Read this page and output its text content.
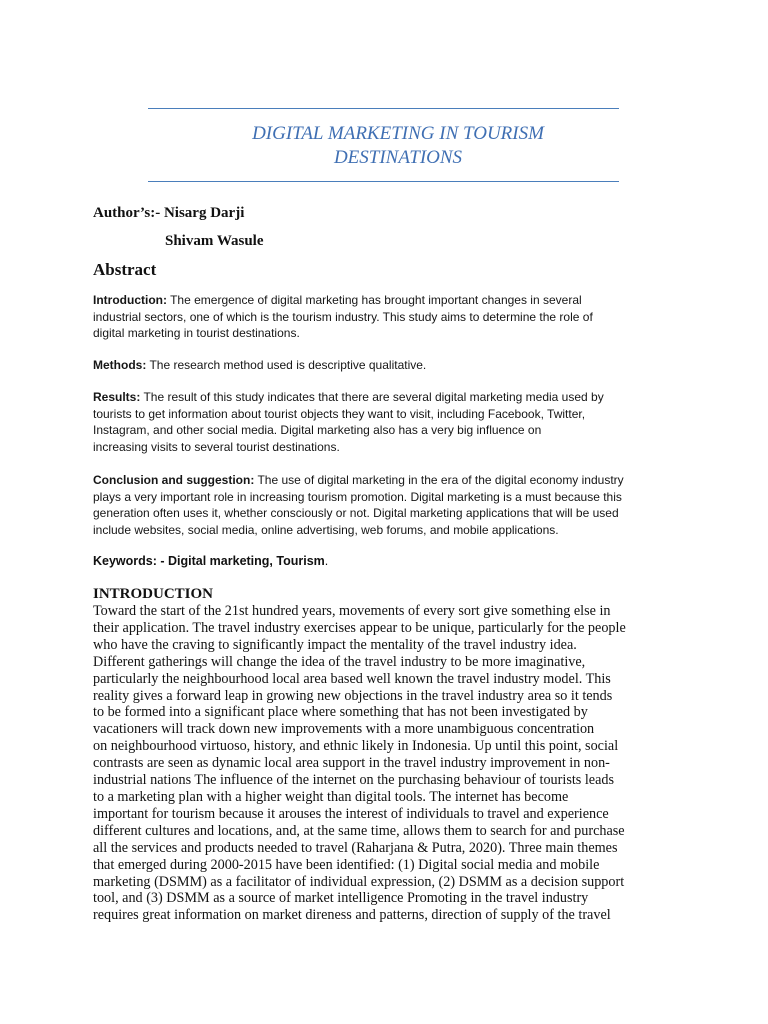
DIGITAL MARKETING IN TOURISM
DESTINATIONS
Author’s:- Nisarg Darji
Shivam Wasule
Abstract
Introduction: The emergence of digital marketing has brought important changes in several
industrial sectors, one of which is the tourism industry. This study aims to determine the role of
digital marketing in tourist destinations.
Methods: The research method used is descriptive qualitative.
Results: The result of this study indicates that there are several digital marketing media used by
tourists to get information about tourist objects they want to visit, including Facebook, Twitter,
Instagram, and other social media. Digital marketing also has a very big influence on
increasing visits to several tourist destinations.
Conclusion and suggestion: The use of digital marketing in the era of the digital economy industry
plays a very important role in increasing tourism promotion. Digital marketing is a must because this
generation often uses it, whether consciously or not. Digital marketing applications that will be used
include websites, social media, online advertising, web forums, and mobile applications.
Keywords: - Digital marketing, Tourism.
INTRODUCTION
Toward the start of the 21st hundred years, movements of every sort give something else in
their application. The travel industry exercises appear to be unique, particularly for the people
who have the craving to significantly impact the mentality of the travel industry idea.
Different gatherings will change the idea of the travel industry to be more imaginative,
particularly the neighbourhood local area based well known the travel industry model. This
reality gives a forward leap in growing new objections in the travel industry area so it tends
to be formed into a significant place where something that has not been investigated by
vacationers will track down new improvements with a more unambiguous concentration
on neighbourhood virtuoso, history, and ethnic likely in Indonesia. Up until this point, social
contrasts are seen as dynamic local area support in the travel industry improvement in non-
industrial nations The influence of the internet on the purchasing behaviour of tourists leads
to a marketing plan with a higher weight than digital tools. The internet has become
important for tourism because it arouses the interest of individuals to travel and experience
different cultures and locations, and, at the same time, allows them to search for and purchase
all the services and products needed to travel (Raharjana & Putra, 2020). Three main themes
that emerged during 2000-2015 have been identified: (1) Digital social media and mobile
marketing (DSMM) as a facilitator of individual expression, (2) DSMM as a decision support
tool, and (3) DSMM as a source of market intelligence Promoting in the travel industry
requires great information on market direness and patterns, direction of supply of the travel
